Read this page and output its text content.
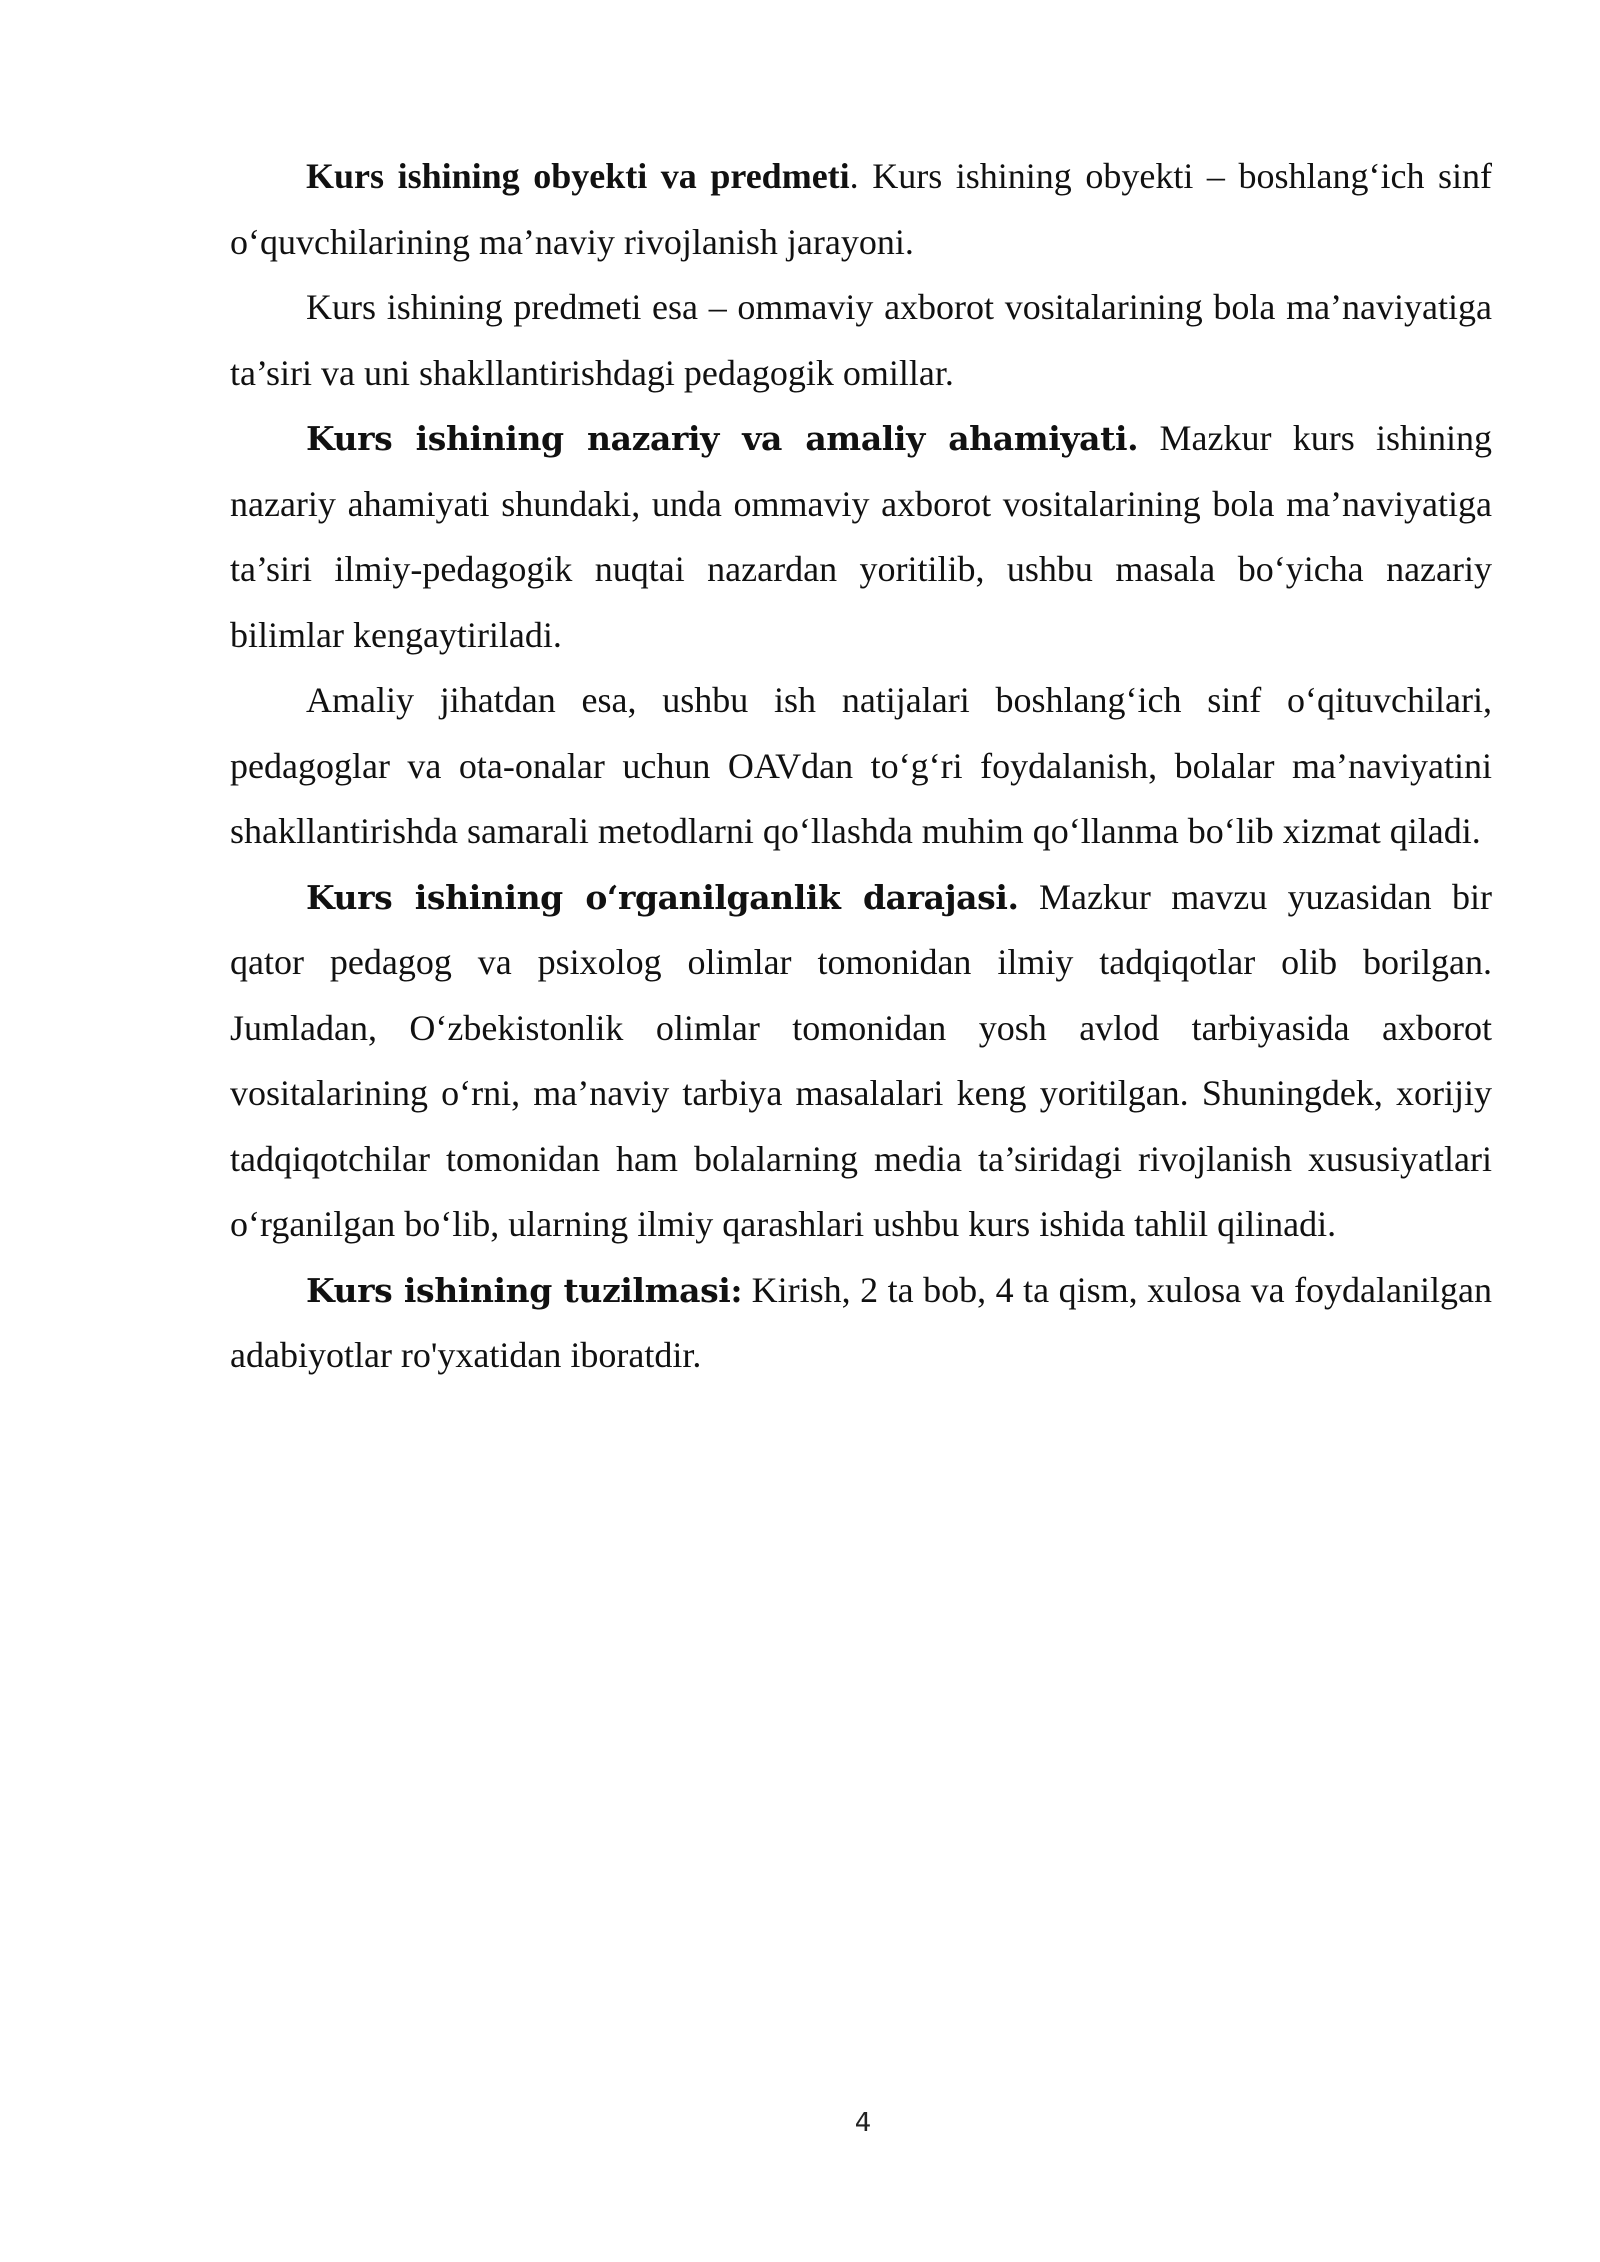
Kurs ishining obyekti va predmeti. Kurs ishining obyekti – boshlang‘ich sinf o‘quvchilarining ma’naviy rivojlanish jarayoni.

Kurs ishining predmeti esa – ommaviy axborot vositalarining bola ma’naviyatiga ta’siri va uni shakllantirishdagi pedagogik omillar.

Kurs ishining nazariy va amaliy ahamiyati. Mazkur kurs ishining nazariy ahamiyati shundaki, unda ommaviy axborot vositalarining bola ma’naviyatiga ta’siri ilmiy-pedagogik nuqtai nazardan yoritilib, ushbu masala bo‘yicha nazariy bilimlar kengaytiriladi.

Amaliy jihatdan esa, ushbu ish natijalari boshlang‘ich sinf o‘qituvchilari, pedagoglar va ota-onalar uchun OAVdan to‘g‘ri foydalanish, bolalar ma’naviyatini shakllantirishda samarali metodlarni qo‘llashda muhim qo‘llanma bo‘lib xizmat qiladi.

Kurs ishining o‘rganilganlik darajasi. Mazkur mavzu yuzasidan bir qator pedagog va psixolog olimlar tomonidan ilmiy tadqiqotlar olib borilgan. Jumladan, O‘zbekistonlik olimlar tomonidan yosh avlod tarbiyasida axborot vositalarining o‘rni, ma’naviy tarbiya masalalari keng yoritilgan. Shuningdek, xorijiy tadqiqotchilar tomonidan ham bolalarning media ta’siridagi rivojlanish xususiyatlari o‘rganilgan bo‘lib, ularning ilmiy qarashlari ushbu kurs ishida tahlil qilinadi.

Kurs ishining tuzilmasi: Kirish, 2 ta bob, 4 ta qism, xulosa va foydalanilgan adabiyotlar ro'yxatidan iboratdir.

4
